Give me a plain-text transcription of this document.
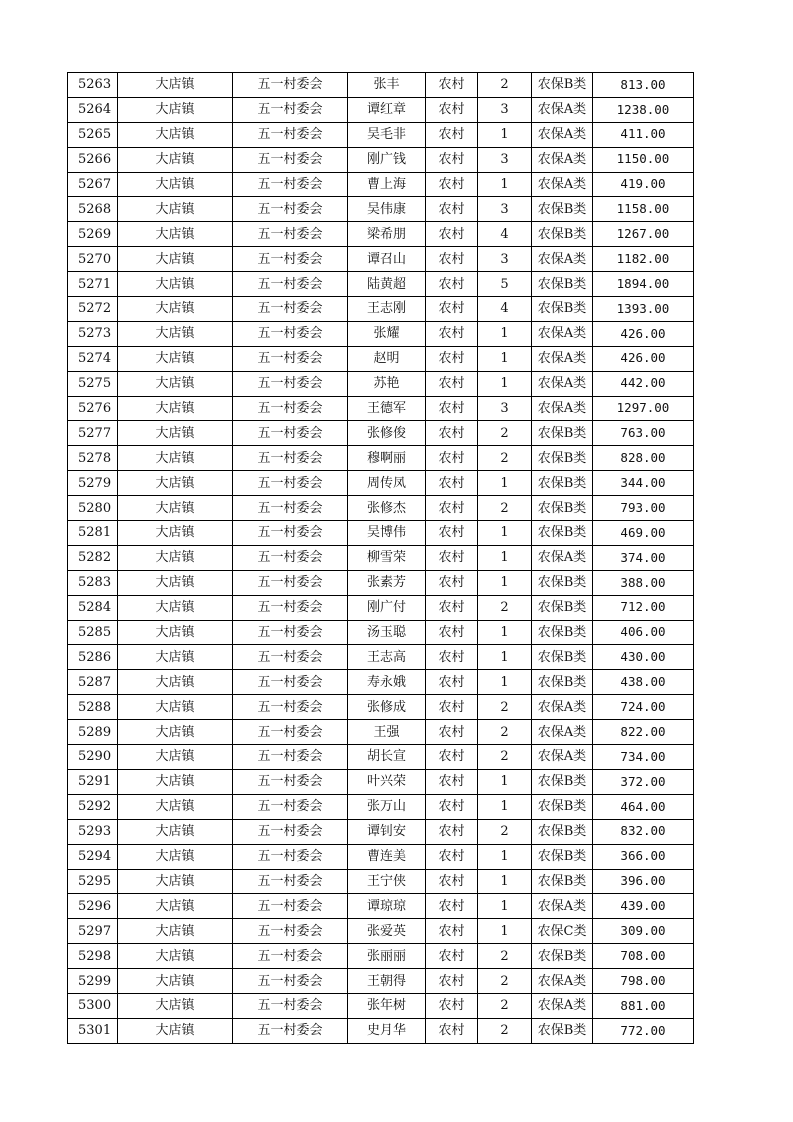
5263	大店镇	五一村委会	张丰	农村	2	农保B类	813.00
5264	大店镇	五一村委会	谭红章	农村	3	农保A类	1238.00
5265	大店镇	五一村委会	吴毛非	农村	1	农保A类	411.00
5266	大店镇	五一村委会	刚广钱	农村	3	农保A类	1150.00
5267	大店镇	五一村委会	曹上海	农村	1	农保A类	419.00
5268	大店镇	五一村委会	吴伟康	农村	3	农保B类	1158.00
5269	大店镇	五一村委会	梁希朋	农村	4	农保B类	1267.00
5270	大店镇	五一村委会	谭召山	农村	3	农保A类	1182.00
5271	大店镇	五一村委会	陆黄超	农村	5	农保B类	1894.00
5272	大店镇	五一村委会	王志刚	农村	4	农保B类	1393.00
5273	大店镇	五一村委会	张耀	农村	1	农保A类	426.00
5274	大店镇	五一村委会	赵明	农村	1	农保A类	426.00
5275	大店镇	五一村委会	苏艳	农村	1	农保A类	442.00
5276	大店镇	五一村委会	王德军	农村	3	农保A类	1297.00
5277	大店镇	五一村委会	张修俊	农村	2	农保B类	763.00
5278	大店镇	五一村委会	穆啊丽	农村	2	农保B类	828.00
5279	大店镇	五一村委会	周传凤	农村	1	农保B类	344.00
5280	大店镇	五一村委会	张修杰	农村	2	农保B类	793.00
5281	大店镇	五一村委会	吴博伟	农村	1	农保B类	469.00
5282	大店镇	五一村委会	柳雪荣	农村	1	农保A类	374.00
5283	大店镇	五一村委会	张素芳	农村	1	农保B类	388.00
5284	大店镇	五一村委会	刚广付	农村	2	农保B类	712.00
5285	大店镇	五一村委会	汤玉聪	农村	1	农保B类	406.00
5286	大店镇	五一村委会	王志高	农村	1	农保B类	430.00
5287	大店镇	五一村委会	寿永娥	农村	1	农保B类	438.00
5288	大店镇	五一村委会	张修成	农村	2	农保A类	724.00
5289	大店镇	五一村委会	王强	农村	2	农保A类	822.00
5290	大店镇	五一村委会	胡长宣	农村	2	农保A类	734.00
5291	大店镇	五一村委会	叶兴荣	农村	1	农保B类	372.00
5292	大店镇	五一村委会	张万山	农村	1	农保B类	464.00
5293	大店镇	五一村委会	谭钊安	农村	2	农保B类	832.00
5294	大店镇	五一村委会	曹连美	农村	1	农保B类	366.00
5295	大店镇	五一村委会	王宁侠	农村	1	农保B类	396.00
5296	大店镇	五一村委会	谭琼琼	农村	1	农保A类	439.00
5297	大店镇	五一村委会	张爱英	农村	1	农保C类	309.00
5298	大店镇	五一村委会	张丽丽	农村	2	农保B类	708.00
5299	大店镇	五一村委会	王朝得	农村	2	农保A类	798.00
5300	大店镇	五一村委会	张年树	农村	2	农保A类	881.00
5301	大店镇	五一村委会	史月华	农村	2	农保B类	772.00
